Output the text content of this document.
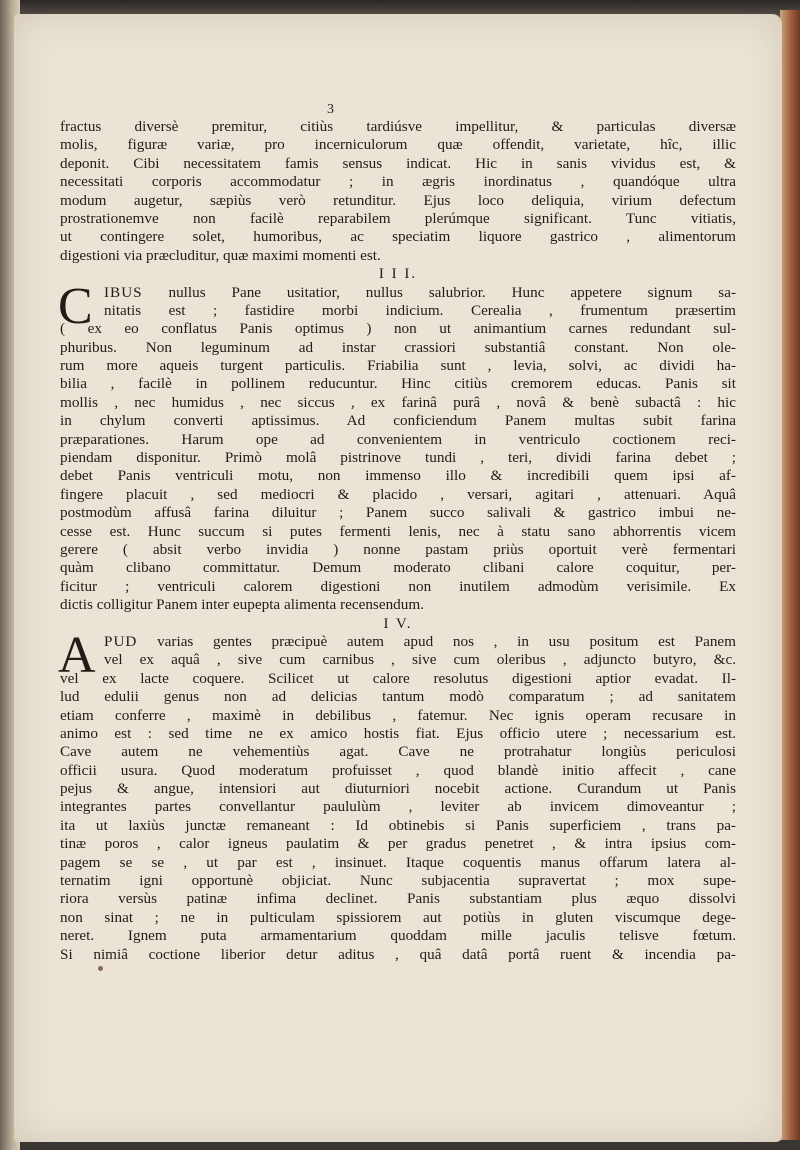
3
fractus diversè premitur, citiùs tardiúsve impellitur, & particulas diversæ
molis, figuræ variæ, pro incerniculorum quæ offendit, varietate, hîc, illic
deponit. Cibi necessitatem famis sensus indicat. Hic in sanis vividus est, &
necessitati corporis accommodatur ; in ægris inordinatus , quandóque ultra
modum augetur, sæpiùs verò retunditur. Ejus loco deliquia, virium defectum
prostrationemve non facilè reparabilem plerúmque significant. Tunc vitiatis,
ut contingere solet, humoribus, ac speciatim liquore gastrico , alimentorum
digestioni via præcluditur, quæ maximi momenti est.
I I I.
C IBUS nullus Pane usitatior, nullus salubrior. Hunc appetere signum sa-
nitatis est ; fastidire morbi indicium. Cerealia , frumentum præsertim
( ex eo conflatus Panis optimus ) non ut animantium carnes redundant sul-
phuribus. Non leguminum ad instar crassiori substantiâ constant. Non ole-
rum more aqueis turgent particulis. Friabilia sunt , levia, solvi, ac dividi ha-
bilia , facilè in pollinem reducuntur. Hinc citiùs cremorem educas. Panis sit
mollis , nec humidus , nec siccus , ex farinâ purâ , novâ & benè subactâ : hic
in chylum converti aptissimus. Ad conficiendum Panem multas subit farina
præparationes. Harum ope ad convenientem in ventriculo coctionem reci-
piendam disponitur. Primò molâ pistrinove tundi , teri, dividi farina debet ;
debet Panis ventriculi motu, non immenso illo & incredibili quem ipsi af-
fingere placuit , sed mediocri & placido , versari, agitari , attenuari. Aquâ
postmodùm affusâ farina diluitur ; Panem succo salivali & gastrico imbui ne-
cesse est. Hunc succum si putes fermenti lenis, nec à statu sano abhorrentis vicem
gerere ( absit verbo invidia ) nonne pastam priùs oportuit verè fermentari
quàm clibano committatur. Demum moderato clibani calore coquitur, per-
ficitur ; ventriculi calorem digestioni non inutilem admodùm verisimile. Ex
dictis colligitur Panem inter eupepta alimenta recensendum.
I V.
A PUD varias gentes præcipuè autem apud nos , in usu positum est Panem
vel ex aquâ , sive cum carnibus , sive cum oleribus , adjuncto butyro, &c.
vel ex lacte coquere. Scilicet ut calore resolutus digestioni aptior evadat. Il-
lud edulii genus non ad delicias tantum modò comparatum ; ad sanitatem
etiam conferre , maximè in debilibus , fatemur. Nec ignis operam recusare in
animo est : sed time ne ex amico hostis fiat. Ejus officio utere ; necessarium est.
Cave autem ne vehementiùs agat. Cave ne protrahatur longiùs periculosi
officii usura. Quod moderatum profuisset , quod blandè initio affecit , cane
pejus & angue, intensiori aut diuturniori nocebit actione. Curandum ut Panis
integrantes partes convellantur paululùm , leviter ab invicem dimoveantur ;
ita ut laxiùs junctæ remaneant : Id obtinebis si Panis superficiem , trans pa-
tinæ poros , calor igneus paulatim & per gradus penetret , & intra ipsius com-
pagem se se , ut par est , insinuet. Itaque coquentis manus offarum latera al-
ternatim igni opportunè objiciat. Nunc subjacentia supravertat ; mox supe-
riora versùs patinæ infima declinet. Panis substantiam plus æquo dissolvi
non sinat ; ne in pulticulam spissiorem aut potiùs in gluten viscumque dege-
neret. Ignem puta armamentarium quoddam mille jaculis telisve fœtum.
Si nimiâ coctione liberior detur aditus , quâ datâ portâ ruent & incendia pa-
